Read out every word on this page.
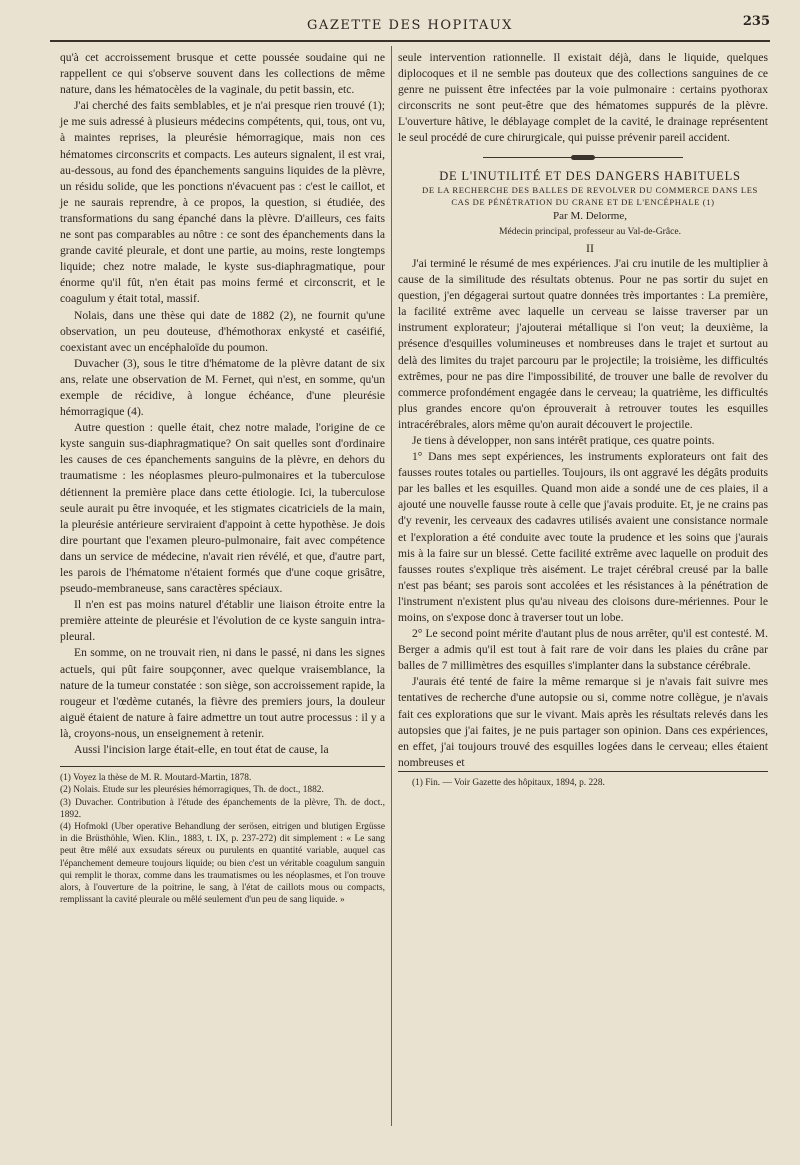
GAZETTE DES HOPITAUX	235

qu'à cet accroissement brusque et cette poussée soudaine qui ne rappellent ce qui s'observe souvent dans les collections de même nature, dans les hématocèles de la vaginale, du petit bassin, etc.

J'ai cherché des faits semblables, et je n'ai presque rien trouvé (1); je me suis adressé à plusieurs médecins compétents, qui, tous, ont vu, à maintes reprises, la pleurésie hémorragique, mais non ces hématomes circonscrits et compacts. Les auteurs signalent, il est vrai, au-dessous, au fond des épanchements sanguins liquides de la plèvre, un résidu solide, que les ponctions n'évacuent pas : c'est le caillot, et je ne saurais reprendre, à ce propos, la question, si étudiée, des transformations du sang épanché dans la plèvre. D'ailleurs, ces faits ne sont pas comparables au nôtre : ce sont des épanchements dans la grande cavité pleurale, et dont une partie, au moins, reste longtemps liquide; chez notre malade, le kyste sus-diaphragmatique, pour énorme qu'il fût, n'en était pas moins fermé et circonscrit, et le coagulum y était total, massif.

Nolais, dans une thèse qui date de 1882 (2), ne fournit qu'une observation, un peu douteuse, d'hémothorax enkysté et caséifié, coexistant avec un encéphaloïde du poumon.

Duvacher (3), sous le titre d'hématome de la plèvre datant de six ans, relate une observation de M. Fernet, qui n'est, en somme, qu'un exemple de récidive, à longue échéance, d'une pleurésie hémorragique (4).

Autre question : quelle était, chez notre malade, l'origine de ce kyste sanguin sus-diaphragmatique? On sait quelles sont d'ordinaire les causes de ces épanchements sanguins de la plèvre, en dehors du traumatisme : les néoplasmes pleuro-pulmonaires et la tuberculose détiennent la première place dans cette étiologie. Ici, la tuberculose seule aurait pu être invoquée, et les stigmates cicatriciels de la main, la pleurésie antérieure serviraient d'appoint à cette hypothèse. Je dois dire pourtant que l'examen pleuro-pulmonaire, fait avec compétence dans un service de médecine, n'avait rien révélé, et que, d'autre part, les parois de l'hématome n'étaient formés que d'une coque grisâtre, pseudo-membraneuse, sans caractères spéciaux.

Il n'en est pas moins naturel d'établir une liaison étroite entre la première atteinte de pleurésie et l'évolution de ce kyste sanguin intra-pleural.

En somme, on ne trouvait rien, ni dans le passé, ni dans les signes actuels, qui pût faire soupçonner, avec quelque vraisemblance, la nature de la tumeur constatée : son siège, son accroissement rapide, la rougeur et l'œdème cutanés, la fièvre des premiers jours, la douleur aiguë étaient de nature à faire admettre un tout autre processus : il y a là, croyons-nous, un enseignement à retenir.

Aussi l'incision large était-elle, en tout état de cause, la

(1) Voyez la thèse de M. R. Moutard-Martin, 1878.

(2) Nolais. Etude sur les pleurésies hémorragiques, Th. de doct., 1882.

(3) Duvacher. Contribution à l'étude des épanchements de la plèvre, Th. de doct., 1892.

(4) Hofmokl (Uber operative Behandlung der serösen, eitrigen und blutigen Ergüsse in die Brüsthöhle, Wien. Klin., 1883, t. IX, p. 237-272) dit simplement : « Le sang peut être mêlé aux exsudats séreux ou purulents en quantité variable, auquel cas l'épanchement demeure toujours liquide; ou bien c'est un véritable coagulum sanguin qui remplit le thorax, comme dans les traumatismes ou les néoplasmes, et l'on trouve alors, à l'ouverture de la poitrine, le sang, à l'état de caillots mous ou compacts, remplissant la cavité pleurale ou mêlé seulement d'un peu de sang liquide. »

seule intervention rationnelle. Il existait déjà, dans le liquide, quelques diplocoques et il ne semble pas douteux que des collections sanguines de ce genre ne puissent être infectées par la voie pulmonaire : certains pyothorax circonscrits ne sont peut-être que des hématomes suppurés de la plèvre. L'ouverture hâtive, le déblayage complet de la cavité, le drainage représentent le seul procédé de cure chirurgicale, qui puisse prévenir pareil accident.

DE L'INUTILITÉ ET DES DANGERS HABITUELS

DE LA RECHERCHE DES BALLES DE REVOLVER DU COMMERCE DANS LES CAS DE PÉNÉTRATION DU CRANE ET DE L'ENCÉPHALE (1)

Par M. Delorme,

Médecin principal, professeur au Val-de-Grâce.

II

J'ai terminé le résumé de mes expériences. J'ai cru inutile de les multiplier à cause de la similitude des résultats obtenus. Pour ne pas sortir du sujet en question, j'en dégagerai surtout quatre données très importantes : La première, la facilité extrême avec laquelle un cerveau se laisse traverser par un instrument explorateur; j'ajouterai métallique si l'on veut; la deuxième, la présence d'esquilles volumineuses et nombreuses dans le trajet et surtout au delà des limites du trajet parcouru par le projectile; la troisième, les difficultés extrêmes, pour ne pas dire l'impossibilité, de trouver une balle de revolver du commerce profondément engagée dans le cerveau; la quatrième, les difficultés plus grandes encore qu'on éprouverait à retrouver toutes les esquilles intracérébrales, alors même qu'on aurait découvert le projectile.

Je tiens à développer, non sans intérêt pratique, ces quatre points.

1° Dans mes sept expériences, les instruments explorateurs ont fait des fausses routes totales ou partielles. Toujours, ils ont aggravé les dégâts produits par les balles et les esquilles. Quand mon aide a sondé une de ces plaies, il a ajouté une nouvelle fausse route à celle que j'avais produite. Et, je ne crains pas d'y revenir, les cerveaux des cadavres utilisés avaient une consistance normale et l'exploration a été conduite avec toute la prudence et les soins que j'aurais mis à la faire sur un blessé. Cette facilité extrême avec laquelle on produit des fausses routes s'explique très aisément. Le trajet cérébral creusé par la balle n'est pas béant; ses parois sont accolées et les résistances à la pénétration de l'instrument n'existent plus qu'au niveau des cloisons dure-mériennes. Pour le moins, on s'expose donc à traverser tout un lobe.

2° Le second point mérite d'autant plus de nous arrêter, qu'il est contesté. M. Berger a admis qu'il est tout à fait rare de voir dans les plaies du crâne par balles de 7 millimètres des esquilles s'implanter dans la substance cérébrale.

J'aurais été tenté de faire la même remarque si je n'avais fait suivre mes tentatives de recherche d'une autopsie ou si, comme notre collègue, je n'avais fait ces explorations que sur le vivant. Mais après les résultats relevés dans les autopsies que j'ai faites, je ne puis partager son opinion. Dans ces expériences, en effet, j'ai toujours trouvé des esquilles logées dans le cerveau; elles étaient nombreuses et

(1) Fin. — Voir Gazette des hôpitaux, 1894, p. 228.
